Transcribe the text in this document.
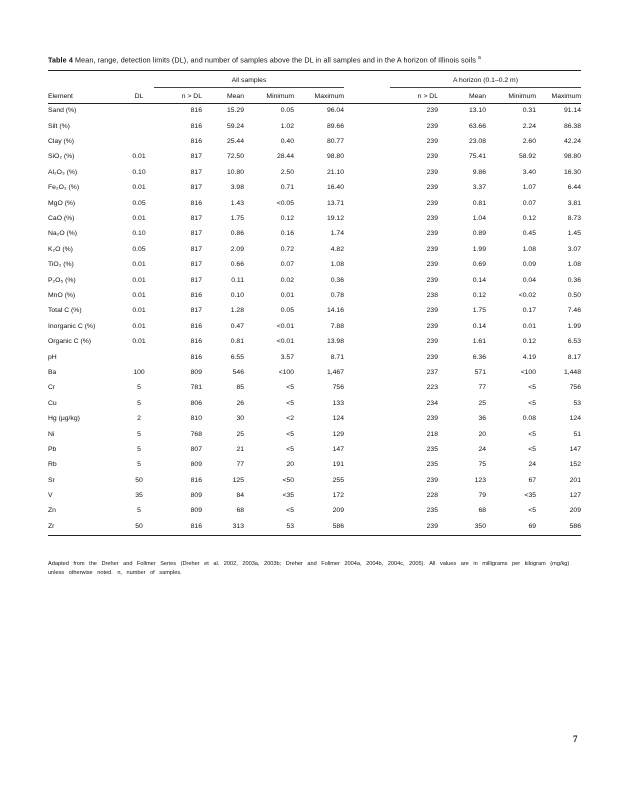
Table 4 Mean, range, detection limits (DL), and number of samples above the DL in all samples and in the A horizon of Illinois soils $^a$
		All samples					A horizon (0.1–0.2 m)			
Element	DL	n > DL	Mean	Minimum	Maximum		n > DL	Mean	Minimum	Maximum
Sand (%)		816	15.29	0.05	96.04		239	13.10	0.31	91.14
Silt (%)		816	59.24	1.02	89.66		239	63.66	2.24	86.38
Clay (%)		816	25.44	0.40	80.77		239	23.08	2.60	42.24
SiO₂ (%)	0.01	817	72.50	28.44	98.80		239	75.41	58.92	98.80
Al₂O₃ (%)	0.10	817	10.80	2.50	21.10		239	9.86	3.40	16.30
Fe₂O₃ (%)	0.01	817	3.98	0.71	16.40		239	3.37	1.07	6.44
MgO (%)	0.05	816	1.43	<0.05	13.71		239	0.81	0.07	3.81
CaO (%)	0.01	817	1.75	0.12	19.12		239	1.04	0.12	8.73
Na₂O (%)	0.10	817	0.86	0.16	1.74		239	0.89	0.45	1.45
K₂O (%)	0.05	817	2.09	0.72	4.82		239	1.99	1.08	3.07
TiO₂ (%)	0.01	817	0.66	0.07	1.08		239	0.69	0.09	1.08
P₂O₅ (%)	0.01	817	0.11	0.02	0.36		239	0.14	0.04	0.36
MnO (%)	0.01	816	0.10	0.01	0.78		238	0.12	<0.02	0.50
Total C (%)	0.01	817	1.28	0.05	14.16		239	1.75	0.17	7.46
Inorganic C (%)	0.01	816	0.47	<0.01	7.88		239	0.14	0.01	1.99
Organic C (%)	0.01	816	0.81	<0.01	13.98		239	1.61	0.12	6.53
pH		816	6.55	3.57	8.71		239	6.36	4.19	8.17
Ba	100	809	546	<100	1,467		237	571	<100	1,448
Cr	5	781	85	<5	756		223	77	<5	756
Cu	5	806	26	<5	133		234	25	<5	53
Hg (μg/kg)	2	810	30	<2	124		239	36	0.08	124
Ni	5	768	25	<5	129		218	20	<5	51
Pb	5	807	21	<5	147		235	24	<5	147
Rb	5	809	77	20	191		235	75	24	152
Sr	50	816	125	<50	255		239	123	67	201
V	35	809	84	<35	172		228	79	<35	127
Zn	5	809	68	<5	209		235	68	<5	209
Zr	50	816	313	53	586		239	350	69	586
Adapted from the Dreher and Follmer Series (Dreher et al. 2002, 2003a, 2003b; Dreher and Follmer 2004a, 2004b, 2004c, 2005). All values are in milligrams per kilogram (mg/kg) unless otherwise noted. n, number of samples.
7
